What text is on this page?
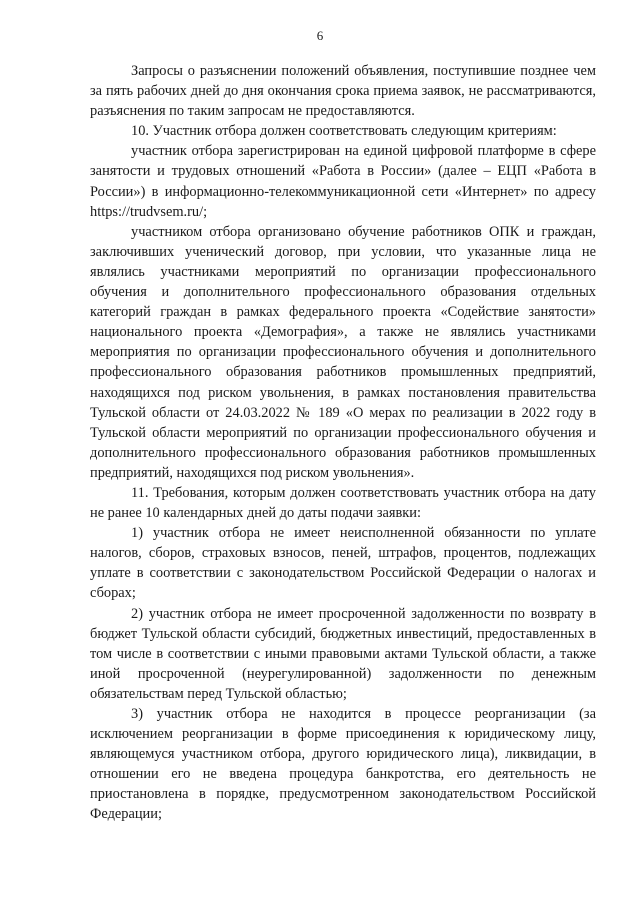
6

Запросы о разъяснении положений объявления, поступившие позднее чем за пять рабочих дней до дня окончания срока приема заявок, не рассматриваются, разъяснения по таким запросам не предоставляются.

10. Участник отбора должен соответствовать следующим критериям:

участник отбора зарегистрирован на единой цифровой платформе в сфере занятости и трудовых отношений «Работа в России» (далее – ЕЦП «Работа в России») в информационно-телекоммуникационной сети «Интернет» по адресу https://trudvsem.ru/;

участником отбора организовано обучение работников ОПК и граждан, заключивших ученический договор, при условии, что указанные лица не являлись участниками мероприятий по организации профессионального обучения и дополнительного профессионального образования отдельных категорий граждан в рамках федерального проекта «Содействие занятости» национального проекта «Демография», а также не являлись участниками мероприятия по организации профессионального обучения и дополнительного профессионального образования работников промышленных предприятий, находящихся под риском увольнения, в рамках постановления правительства Тульской области от 24.03.2022 № 189 «О мерах по реализации в 2022 году в Тульской области мероприятий по организации профессионального обучения и дополнительного профессионального образования работников промышленных предприятий, находящихся под риском увольнения».

11. Требования, которым должен соответствовать участник отбора на дату не ранее 10 календарных дней до даты подачи заявки:

1) участник отбора не имеет неисполненной обязанности по уплате налогов, сборов, страховых взносов, пеней, штрафов, процентов, подлежащих уплате в соответствии с законодательством Российской Федерации о налогах и сборах;

2) участник отбора не имеет просроченной задолженности по возврату в бюджет Тульской области субсидий, бюджетных инвестиций, предоставленных в том числе в соответствии с иными правовыми актами Тульской области, а также иной просроченной (неурегулированной) задолженности по денежным обязательствам перед Тульской областью;

3) участник отбора не находится в процессе реорганизации (за исключением реорганизации в форме присоединения к юридическому лицу, являющемуся участником отбора, другого юридического лица), ликвидации, в отношении его не введена процедура банкротства, его деятельность не приостановлена в порядке, предусмотренном законодательством Российской Федерации;
